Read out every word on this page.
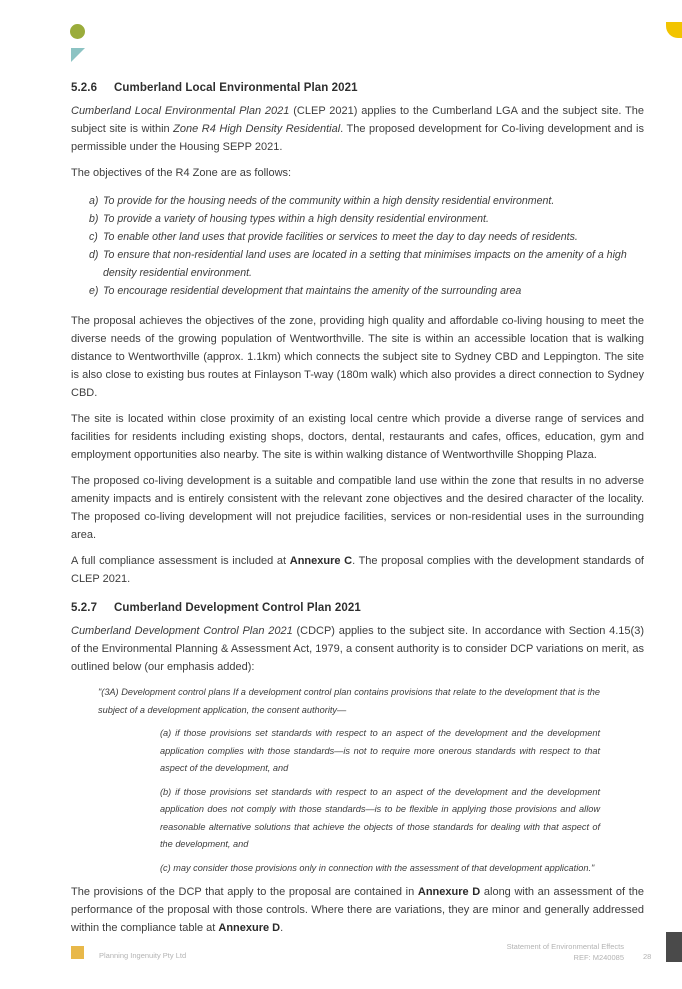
5.2.6 Cumberland Local Environmental Plan 2021

Cumberland Local Environmental Plan 2021 (CLEP 2021) applies to the Cumberland LGA and the subject site. The subject site is within Zone R4 High Density Residential. The proposed development for Co-living development and is permissible under the Housing SEPP 2021.

The objectives of the R4 Zone are as follows:

a) To provide for the housing needs of the community within a high density residential environment.
b) To provide a variety of housing types within a high density residential environment.
c) To enable other land uses that provide facilities or services to meet the day to day needs of residents.
d) To ensure that non-residential land uses are located in a setting that minimises impacts on the amenity of a high density residential environment.
e) To encourage residential development that maintains the amenity of the surrounding area

The proposal achieves the objectives of the zone, providing high quality and affordable co-living housing to meet the diverse needs of the growing population of Wentworthville. The site is within an accessible location that is walking distance to Wentworthville (approx. 1.1km) which connects the subject site to Sydney CBD and Leppington. The site is also close to existing bus routes at Finlayson T-way (180m walk) which also provides a direct connection to Sydney CBD.

The site is located within close proximity of an existing local centre which provide a diverse range of services and facilities for residents including existing shops, doctors, dental, restaurants and cafes, offices, education, gym and employment opportunities also nearby. The site is within walking distance of Wentworthville Shopping Plaza.

The proposed co-living development is a suitable and compatible land use within the zone that results in no adverse amenity impacts and is entirely consistent with the relevant zone objectives and the desired character of the locality. The proposed co-living development will not prejudice facilities, services or non-residential uses in the surrounding area.

A full compliance assessment is included at Annexure C. The proposal complies with the development standards of CLEP 2021.

5.2.7 Cumberland Development Control Plan 2021

Cumberland Development Control Plan 2021 (CDCP) applies to the subject site. In accordance with Section 4.15(3) of the Environmental Planning & Assessment Act, 1979, a consent authority is to consider DCP variations on merit, as outlined below (our emphasis added):

"(3A) Development control plans If a development control plan contains provisions that relate to the development that is the subject of a development application, the consent authority—

(a) if those provisions set standards with respect to an aspect of the development and the development application complies with those standards—is not to require more onerous standards with respect to that aspect of the development, and

(b) if those provisions set standards with respect to an aspect of the development and the development application does not comply with those standards—is to be flexible in applying those provisions and allow reasonable alternative solutions that achieve the objects of those standards for dealing with that aspect of the development, and

(c) may consider those provisions only in connection with the assessment of that development application."

The provisions of the DCP that apply to the proposal are contained in Annexure D along with an assessment of the performance of the proposal with those controls. Where there are variations, they are minor and generally addressed within the compliance table at Annexure D.

Planning Ingenuity Pty Ltd
Statement of Environmental Effects
REF: M240085	28
